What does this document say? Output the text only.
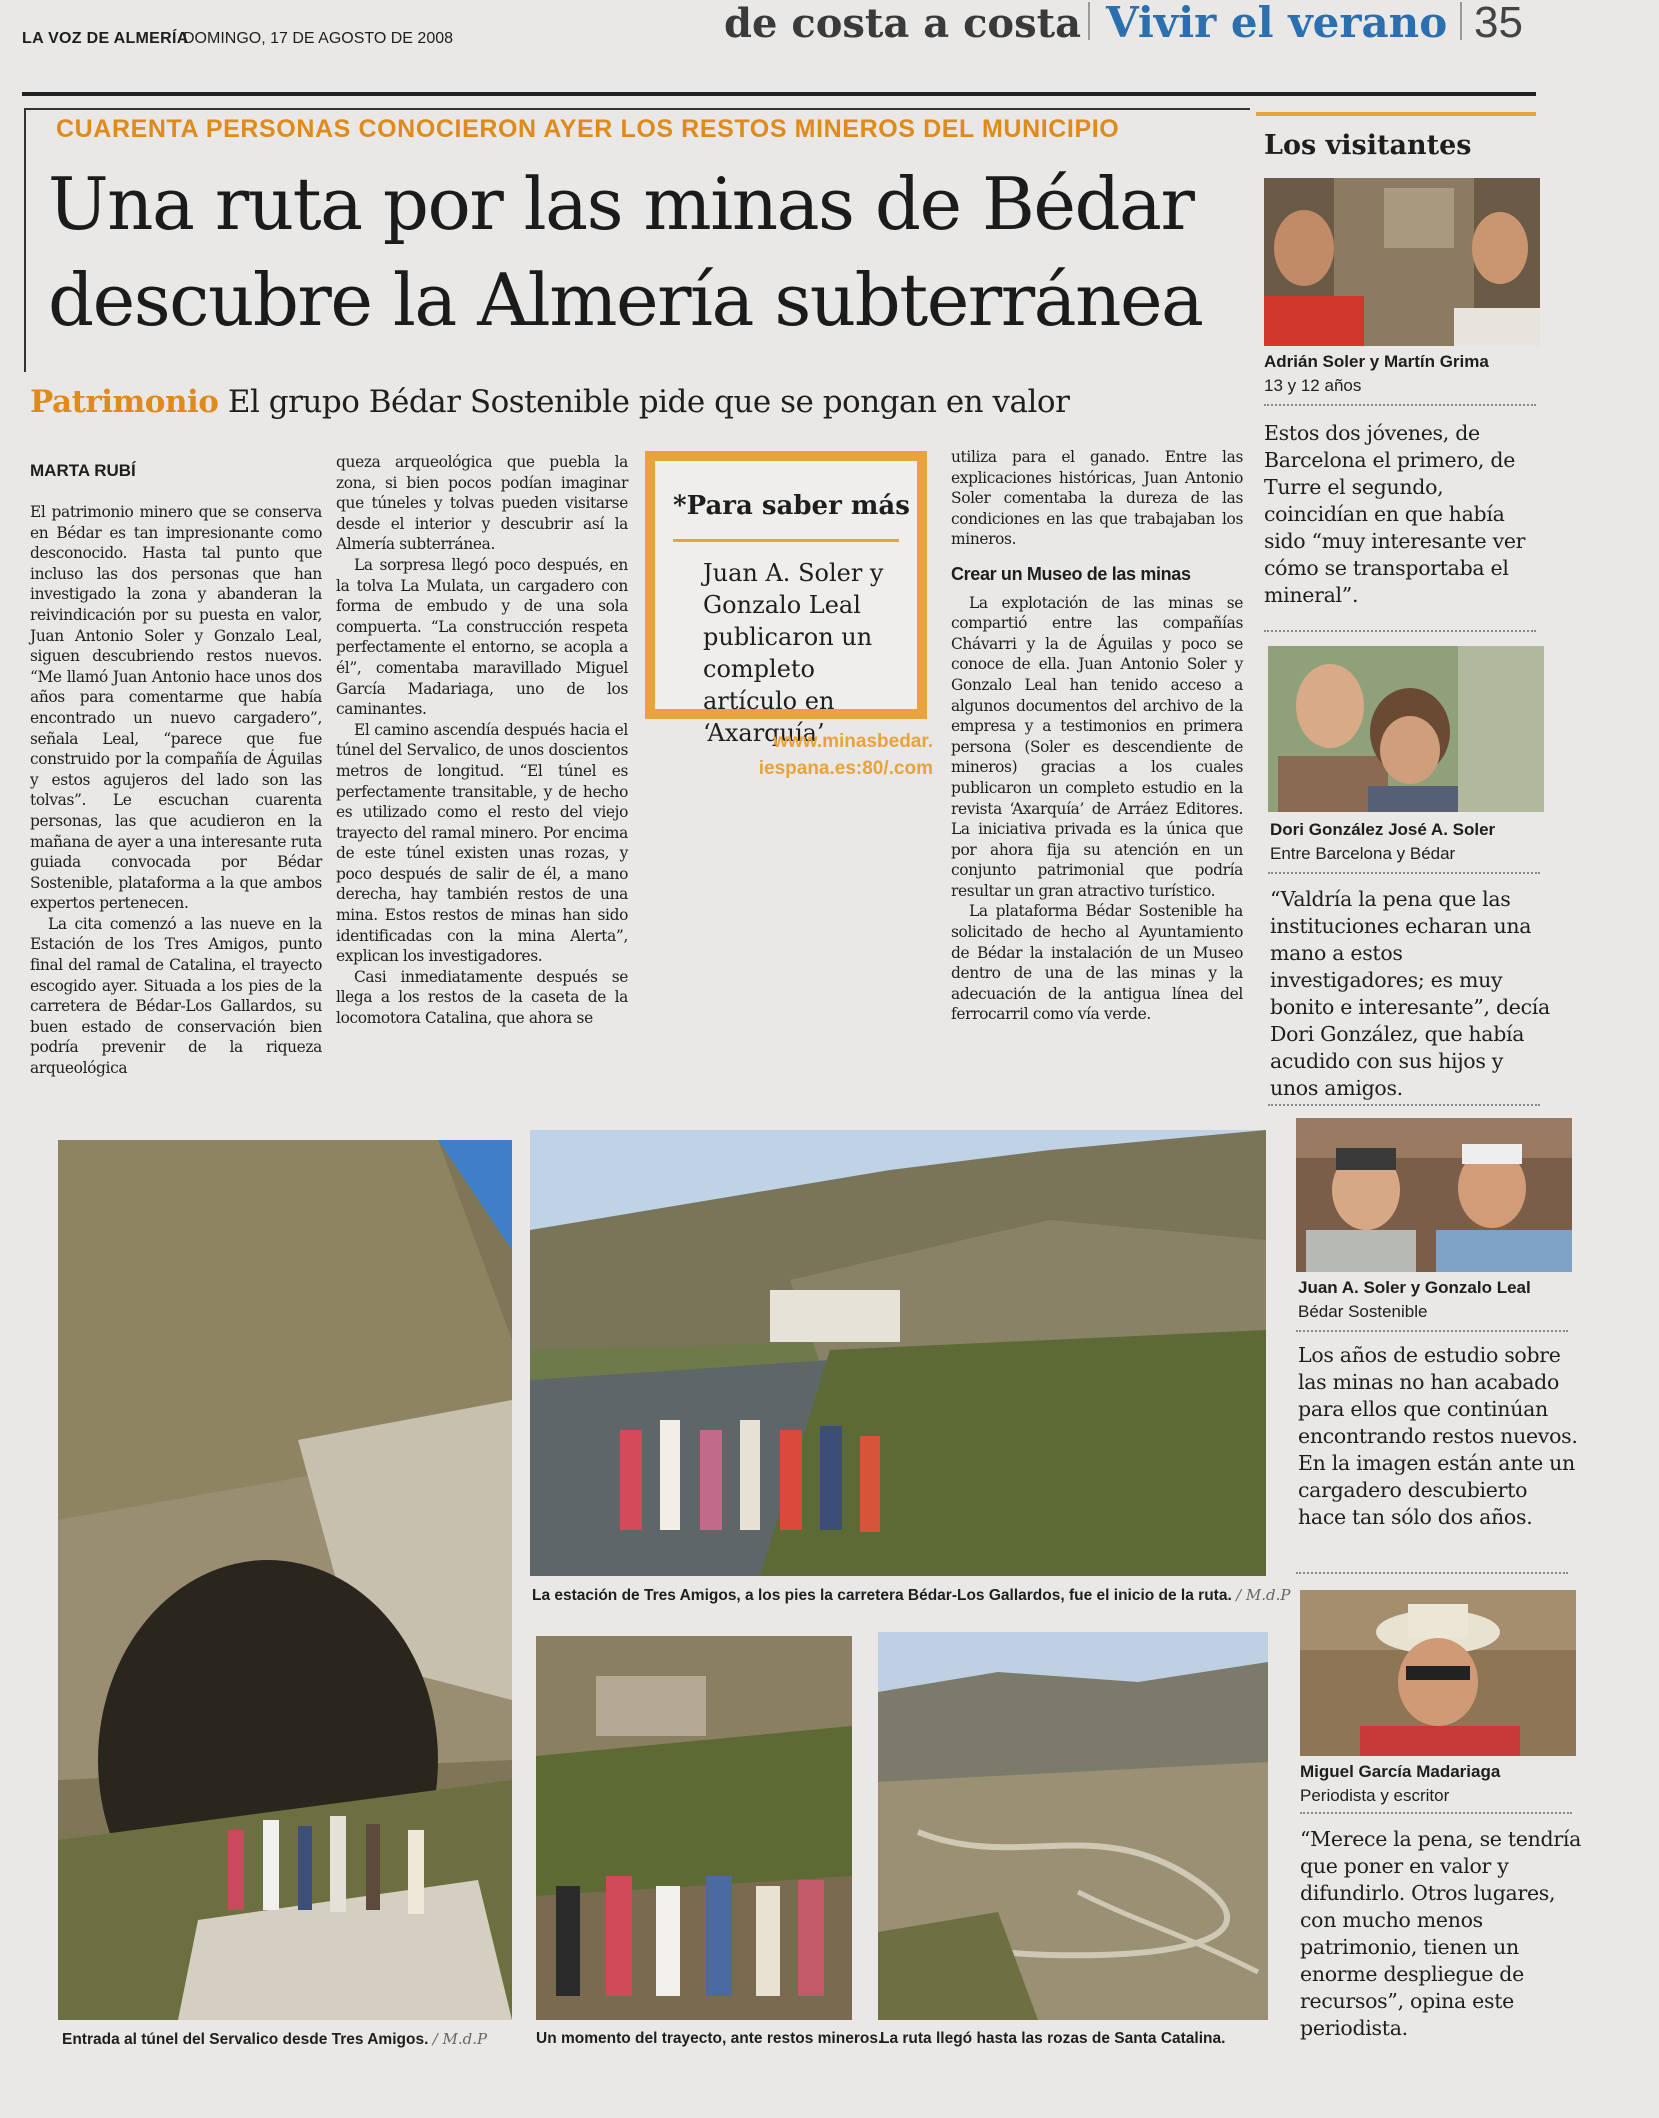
LA VOZ DE ALMERÍA
DOMINGO, 17 DE AGOSTO DE 2008	de costa a costa Vivir el verano 35
CUARENTA PERSONAS CONOCIERON AYER LOS RESTOS MINEROS DEL MUNICIPIO
Una ruta por las minas de Bédar
descubre la Almería subterránea
Patrimonio El grupo Bédar Sostenible pide que se pongan en valor
MARTA RUBÍ

El patrimonio minero que se conserva en Bédar es tan impresionante como desconocido. Hasta tal punto que incluso las dos personas que han investigado la zona y abanderan la reivindicación por su puesta en valor, Juan Antonio Soler y Gonzalo Leal, siguen descubriendo restos nuevos. “Me llamó Juan Antonio hace unos dos años para comentarme que había encontrado un nuevo cargadero”, señala Leal, “parece que fue construido por la compañía de Águilas y estos agujeros del lado son las tolvas”. Le escuchan cuarenta personas, las que acudieron en la mañana de ayer a una interesante ruta guiada convocada por Bédar Sostenible, plataforma a la que ambos expertos pertenecen.

La cita comenzó a las nueve en la Estación de los Tres Amigos, punto final del ramal de Catalina, el trayecto escogido ayer. Situada a los pies de la carretera de Bédar-Los Gallardos, su buen estado de conservación bien podría prevenir de la riqueza arqueológica

queza arqueológica que puebla la zona, si bien pocos podían imaginar que túneles y tolvas pueden visitarse desde el interior y descubrir así la Almería subterránea.

La sorpresa llegó poco después, en la tolva La Mulata, un cargadero con forma de embudo y de una sola compuerta. “La construcción respeta perfectamente el entorno, se acopla a él”, comentaba maravillado Miguel García Madariaga, uno de los caminantes.

El camino ascendía después hacia el túnel del Servalico, de unos doscientos metros de longitud. “El túnel es perfectamente transitable, y de hecho es utilizado como el resto del viejo trayecto del ramal minero. Por encima de este túnel existen unas rozas, y poco después de salir de él, a mano derecha, hay también restos de una mina. Estos restos de minas han sido identificadas con la mina Alerta”, explican los investigadores.

Casi inmediatamente después se llega a los restos de la caseta de la locomotora Catalina, que ahora se

utiliza para el ganado. Entre las explicaciones históricas, Juan Antonio Soler comentaba la dureza de las condiciones en las que trabajaban los mineros.

Crear un Museo de las minas

La explotación de las minas se compartió entre las compañías Chávarri y la de Águilas y poco se conoce de ella. Juan Antonio Soler y Gonzalo Leal han tenido acceso a algunos documentos del archivo de la empresa y a testimonios en primera persona (Soler es descendiente de mineros) gracias a los cuales publicaron un completo estudio en la revista ‘Axarquía’ de Arráez Editores. La iniciativa privada es la única que por ahora fija su atención en un conjunto patrimonial que podría resultar un gran atractivo turístico.

La plataforma Bédar Sostenible ha solicitado de hecho al Ayuntamiento de Bédar la instalación de un Museo dentro de una de las minas y la adecuación de la antigua línea del ferrocarril como vía verde.

*Para saber más
Juan A. Soler y Gonzalo Leal publicaron un completo artículo en ‘Axarquía’
www.minasbedar.
iespana.es:80/.com
Los visitantes
Adrián Soler y Martín Grima
13 y 12 años
Estos dos jóvenes, de Barcelona el primero, de Turre el segundo, coincidían en que había sido “muy interesante ver cómo se transportaba el mineral”.
Dori González José A. Soler
Entre Barcelona y Bédar
“Valdría la pena que las instituciones echaran una mano a estos investigadores; es muy bonito e interesante”, decía Dori González, que había acudido con sus hijos y unos amigos.
Juan A. Soler y Gonzalo Leal
Bédar Sostenible
Los años de estudio sobre las minas no han acabado para ellos que continúan encontrando restos nuevos. En la imagen están ante un cargadero descubierto hace tan sólo dos años.
Miguel García Madariaga
Periodista y escritor
“Merece la pena, se tendría que poner en valor y difundirlo. Otros lugares, con mucho menos patrimonio, tienen un enorme despliegue de recursos”, opina este periodista.
Entrada al túnel del Servalico desde Tres Amigos. / M.d.P
La estación de Tres Amigos, a los pies la carretera Bédar-Los Gallardos, fue el inicio de la ruta. / M.d.P
Un momento del trayecto, ante restos mineros.
La ruta llegó hasta las rozas de Santa Catalina.
